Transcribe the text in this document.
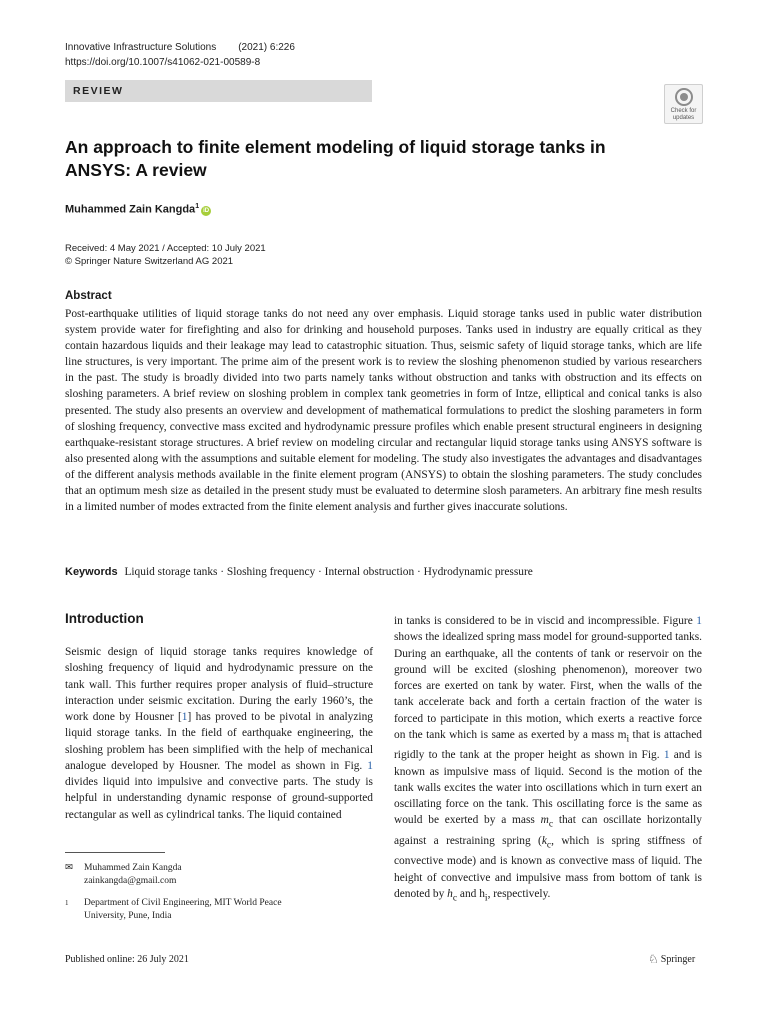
Innovative Infrastructure Solutions (2021) 6:226
https://doi.org/10.1007/s41062-021-00589-8
REVIEW
Check for updates
An approach to finite element modeling of liquid storage tanks in ANSYS: A review
Muhammed Zain Kangda$^1$iD
Received: 4 May 2021 / Accepted: 10 July 2021
© Springer Nature Switzerland AG 2021
Abstract
Post-earthquake utilities of liquid storage tanks do not need any over emphasis. Liquid storage tanks used in public water distribution system provide water for firefighting and also for drinking and household purposes. Tanks used in industry are equally critical as they contain hazardous liquids and their leakage may lead to catastrophic situation. Thus, seismic safety of liquid storage tanks, which are life line structures, is very important. The prime aim of the present work is to review the sloshing phenomenon studied by various researchers in the past. The study is broadly divided into two parts namely tanks without obstruction and tanks with obstruction and its effects on sloshing parameters. A brief review on sloshing problem in complex tank geometries in form of Intze, elliptical and conical tanks is also presented. The study also presents an overview and development of mathematical formulations to predict the sloshing parameters in form of sloshing frequency, convective mass excited and hydrodynamic pressure profiles which enable present structural engineers in designing earthquake-resistant storage structures. A brief review on modeling circular and rectangular liquid storage tanks using ANSYS software is also presented along with the assumptions and suitable element for modeling. The study also investigates the advantages and disadvantages of the different analysis methods available in the finite element program (ANSYS) to obtain the sloshing parameters. The study concludes that an optimum mesh size as detailed in the present study must be evaluated to determine slosh parameters. An arbitrary fine mesh results in a limited number of modes extracted from the finite element analysis and further gives inaccurate solutions.
Keywords Liquid storage tanks · Sloshing frequency · Internal obstruction · Hydrodynamic pressure
Introduction
Seismic design of liquid storage tanks requires knowledge of sloshing frequency of liquid and hydrodynamic pressure on the tank wall. This further requires proper analysis of fluid–structure interaction under seismic excitation. During the early 1960’s, the work done by Housner [1] has proved to be pivotal in analyzing liquid storage tanks. In the field of earthquake engineering, the sloshing problem has been simplified with the help of mechanical analogue developed by Housner. The model as shown in Fig. 1 divides liquid into impulsive and convective parts. The study is helpful in understanding dynamic response of ground-supported rectangular as well as cylindrical tanks. The liquid contained
in tanks is considered to be in viscid and incompressible. Figure 1 shows the idealized spring mass model for ground-supported tanks. During an earthquake, all the contents of tank or reservoir on the ground will be excited (sloshing phenomenon), moreover two forces are exerted on tank by water. First, when the walls of the tank accelerate back and forth a certain fraction of the water is forced to participate in this motion, which exerts a reactive force on the tank which is same as exerted by a mass $m_i$ that is attached rigidly to the tank at the proper height as shown in Fig. 1 and is known as impulsive mass of liquid. Second is the motion of the tank walls excites the water into oscillations which in turn exert an oscillating force on the tank. This oscillating force is the same as would be exerted by a mass $m_c$ that can oscillate horizontally against a restraining spring ($k_c$, which is spring stiffness of convective mode) and is known as convective mass of liquid. The height of convective and impulsive mass from bottom of tank is denoted by $h_c$ and $h_i$, respectively.
✉	Muhammed Zain Kangda
zainkangda@gmail.com
1	Department of Civil Engineering, MIT World Peace
University, Pune, India
Published online: 26 July 2021	♘ Springer
